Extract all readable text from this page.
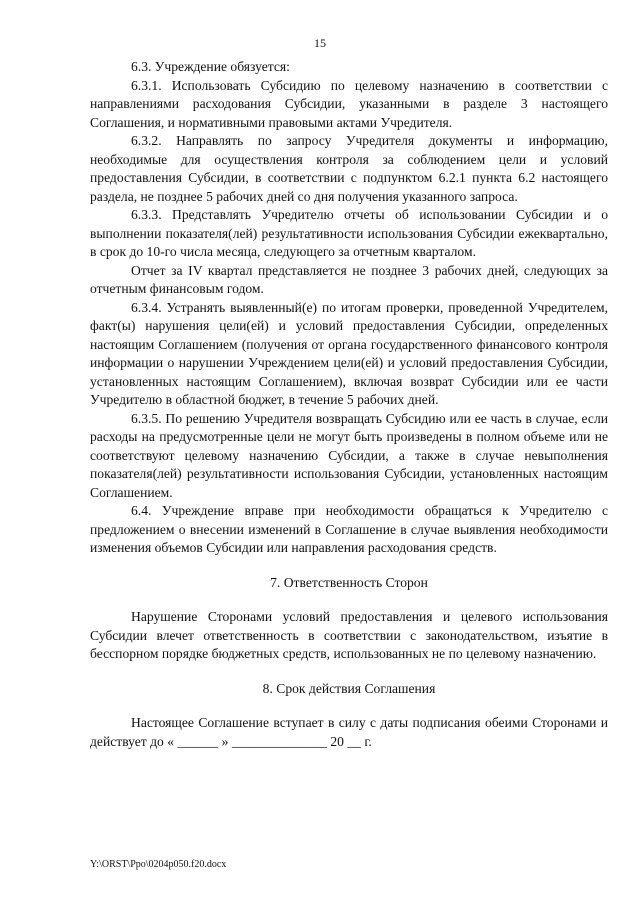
15

6.3. Учреждение обязуется:

6.3.1. Использовать Субсидию по целевому назначению в соответствии с направлениями расходования Субсидии, указанными в разделе 3 настоящего Соглашения, и нормативными правовыми актами Учредителя.

6.3.2. Направлять по запросу Учредителя документы и информацию, необходимые для осуществления контроля за соблюдением цели и условий предоставления Субсидии, в соответствии с подпунктом 6.2.1 пункта 6.2 настоящего раздела, не позднее 5 рабочих дней со дня получения указанного запроса.

6.3.3. Представлять Учредителю отчеты об использовании Субсидии и о выполнении показателя(лей) результативности использования Субсидии ежеквартально, в срок до 10-го числа месяца, следующего за отчетным кварталом.

Отчет за IV квартал представляется не позднее 3 рабочих дней, следующих за отчетным финансовым годом.

6.3.4. Устранять выявленный(е) по итогам проверки, проведенной Учредителем, факт(ы) нарушения цели(ей) и условий предоставления Субсидии, определенных настоящим Соглашением (получения от органа государственного финансового контроля информации о нарушении Учреждением цели(ей) и условий предоставления Субсидии, установленных настоящим Соглашением), включая возврат Субсидии или ее части Учредителю в областной бюджет, в течение 5 рабочих дней.

6.3.5. По решению Учредителя возвращать Субсидию или ее часть в случае, если расходы на предусмотренные цели не могут быть произведены в полном объеме или не соответствуют целевому назначению Субсидии, а также в случае невыполнения показателя(лей) результативности использования Субсидии, установленных настоящим Соглашением.

6.4. Учреждение вправе при необходимости обращаться к Учредителю с предложением о внесении изменений в Соглашение в случае выявления необходимости изменения объемов Субсидии или направления расходования средств.

7. Ответственность Сторон

Нарушение Сторонами условий предоставления и целевого использования Субсидии влечет ответственность в соответствии с законодательством, изъятие в бесспорном порядке бюджетных средств, использованных не по целевому назначению.

8. Срок действия Соглашения

Настоящее Соглашение вступает в силу с даты подписания обеими Сторонами и действует до « ______ » ______________ 20 __ г.

Y:\ORST\Ppo\0204p050.f20.docx
